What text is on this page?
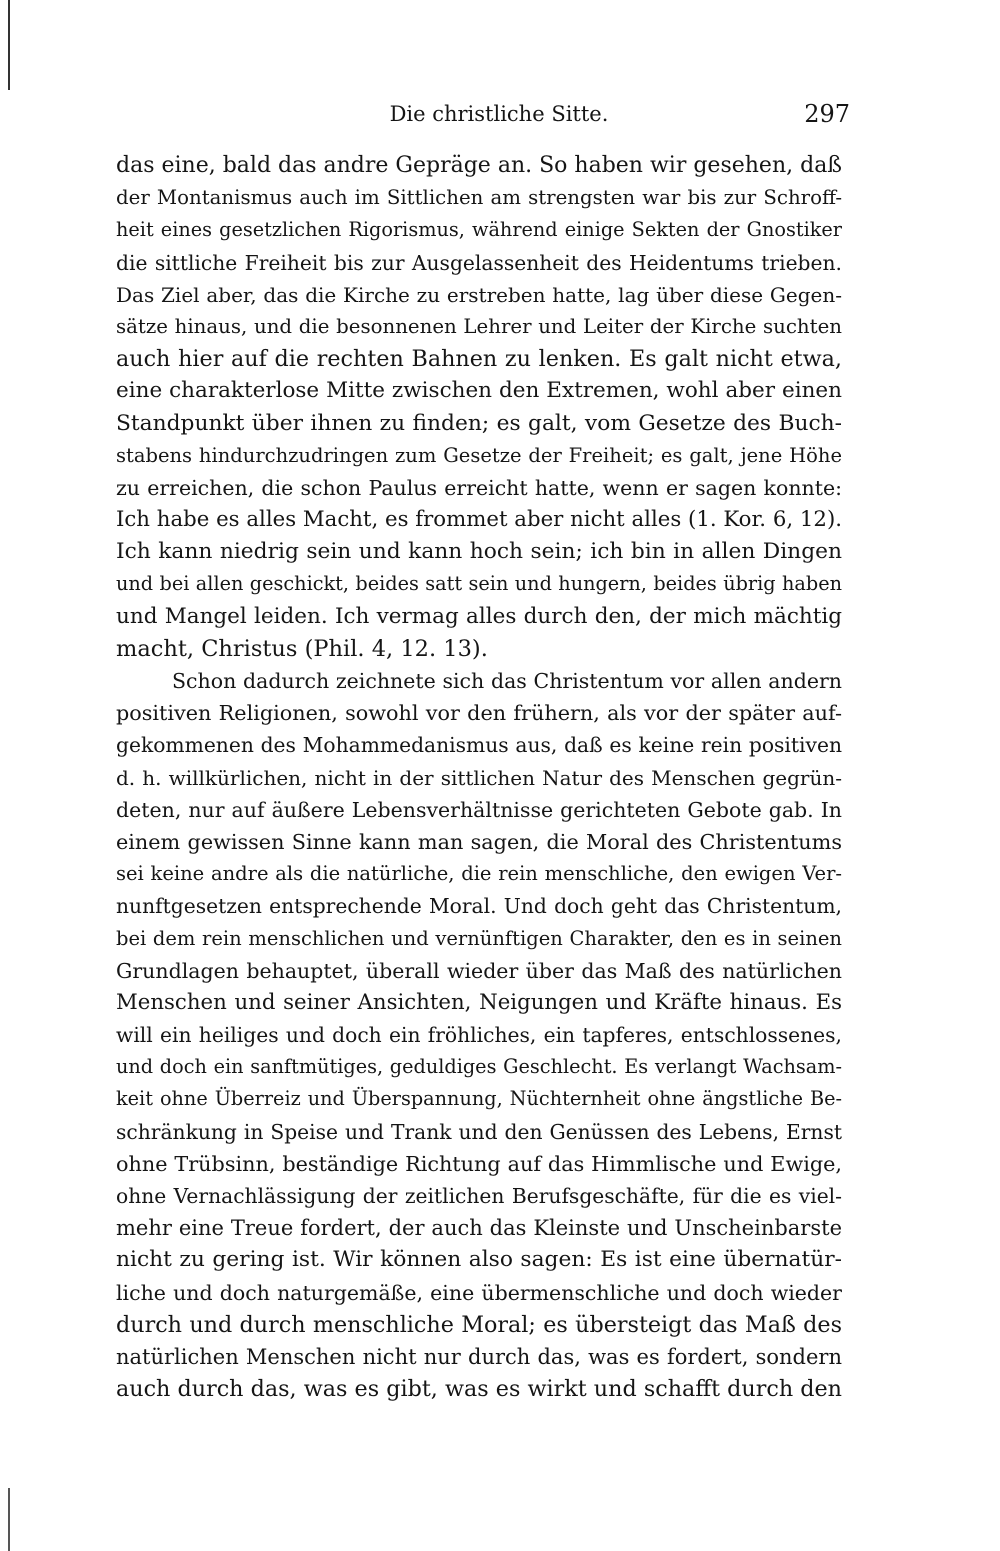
Die christliche Sitte.	297
das eine, bald das andre Gepräge an. So haben wir gesehen, daß
der Montanismus auch im Sittlichen am strengsten war bis zur Schroff-
heit eines gesetzlichen Rigorismus, während einige Sekten der Gnostiker
die sittliche Freiheit bis zur Ausgelassenheit des Heidentums trieben.
Das Ziel aber, das die Kirche zu erstreben hatte, lag über diese Gegen-
sätze hinaus, und die besonnenen Lehrer und Leiter der Kirche suchten
auch hier auf die rechten Bahnen zu lenken. Es galt nicht etwa,
eine charakterlose Mitte zwischen den Extremen, wohl aber einen
Standpunkt über ihnen zu finden; es galt, vom Gesetze des Buch-
stabens hindurchzudringen zum Gesetze der Freiheit; es galt, jene Höhe
zu erreichen, die schon Paulus erreicht hatte, wenn er sagen konnte:
Ich habe es alles Macht, es frommet aber nicht alles (1. Kor. 6, 12).
Ich kann niedrig sein und kann hoch sein; ich bin in allen Dingen
und bei allen geschickt, beides satt sein und hungern, beides übrig haben
und Mangel leiden. Ich vermag alles durch den, der mich mächtig
macht, Christus (Phil. 4, 12. 13).
Schon dadurch zeichnete sich das Christentum vor allen andern
positiven Religionen, sowohl vor den frühern, als vor der später auf-
gekommenen des Mohammedanismus aus, daß es keine rein positiven
d. h. willkürlichen, nicht in der sittlichen Natur des Menschen gegrün-
deten, nur auf äußere Lebensverhältnisse gerichteten Gebote gab. In
einem gewissen Sinne kann man sagen, die Moral des Christentums
sei keine andre als die natürliche, die rein menschliche, den ewigen Ver-
nunftgesetzen entsprechende Moral. Und doch geht das Christentum,
bei dem rein menschlichen und vernünftigen Charakter, den es in seinen
Grundlagen behauptet, überall wieder über das Maß des natürlichen
Menschen und seiner Ansichten, Neigungen und Kräfte hinaus. Es
will ein heiliges und doch ein fröhliches, ein tapferes, entschlossenes,
und doch ein sanftmütiges, geduldiges Geschlecht. Es verlangt Wachsam-
keit ohne Überreiz und Überspannung, Nüchternheit ohne ängstliche Be-
schränkung in Speise und Trank und den Genüssen des Lebens, Ernst
ohne Trübsinn, beständige Richtung auf das Himmlische und Ewige,
ohne Vernachlässigung der zeitlichen Berufsgeschäfte, für die es viel-
mehr eine Treue fordert, der auch das Kleinste und Unscheinbarste
nicht zu gering ist. Wir können also sagen: Es ist eine übernatür-
liche und doch naturgemäße, eine übermenschliche und doch wieder
durch und durch menschliche Moral; es übersteigt das Maß des
natürlichen Menschen nicht nur durch das, was es fordert, sondern
auch durch das, was es gibt, was es wirkt und schafft durch den
